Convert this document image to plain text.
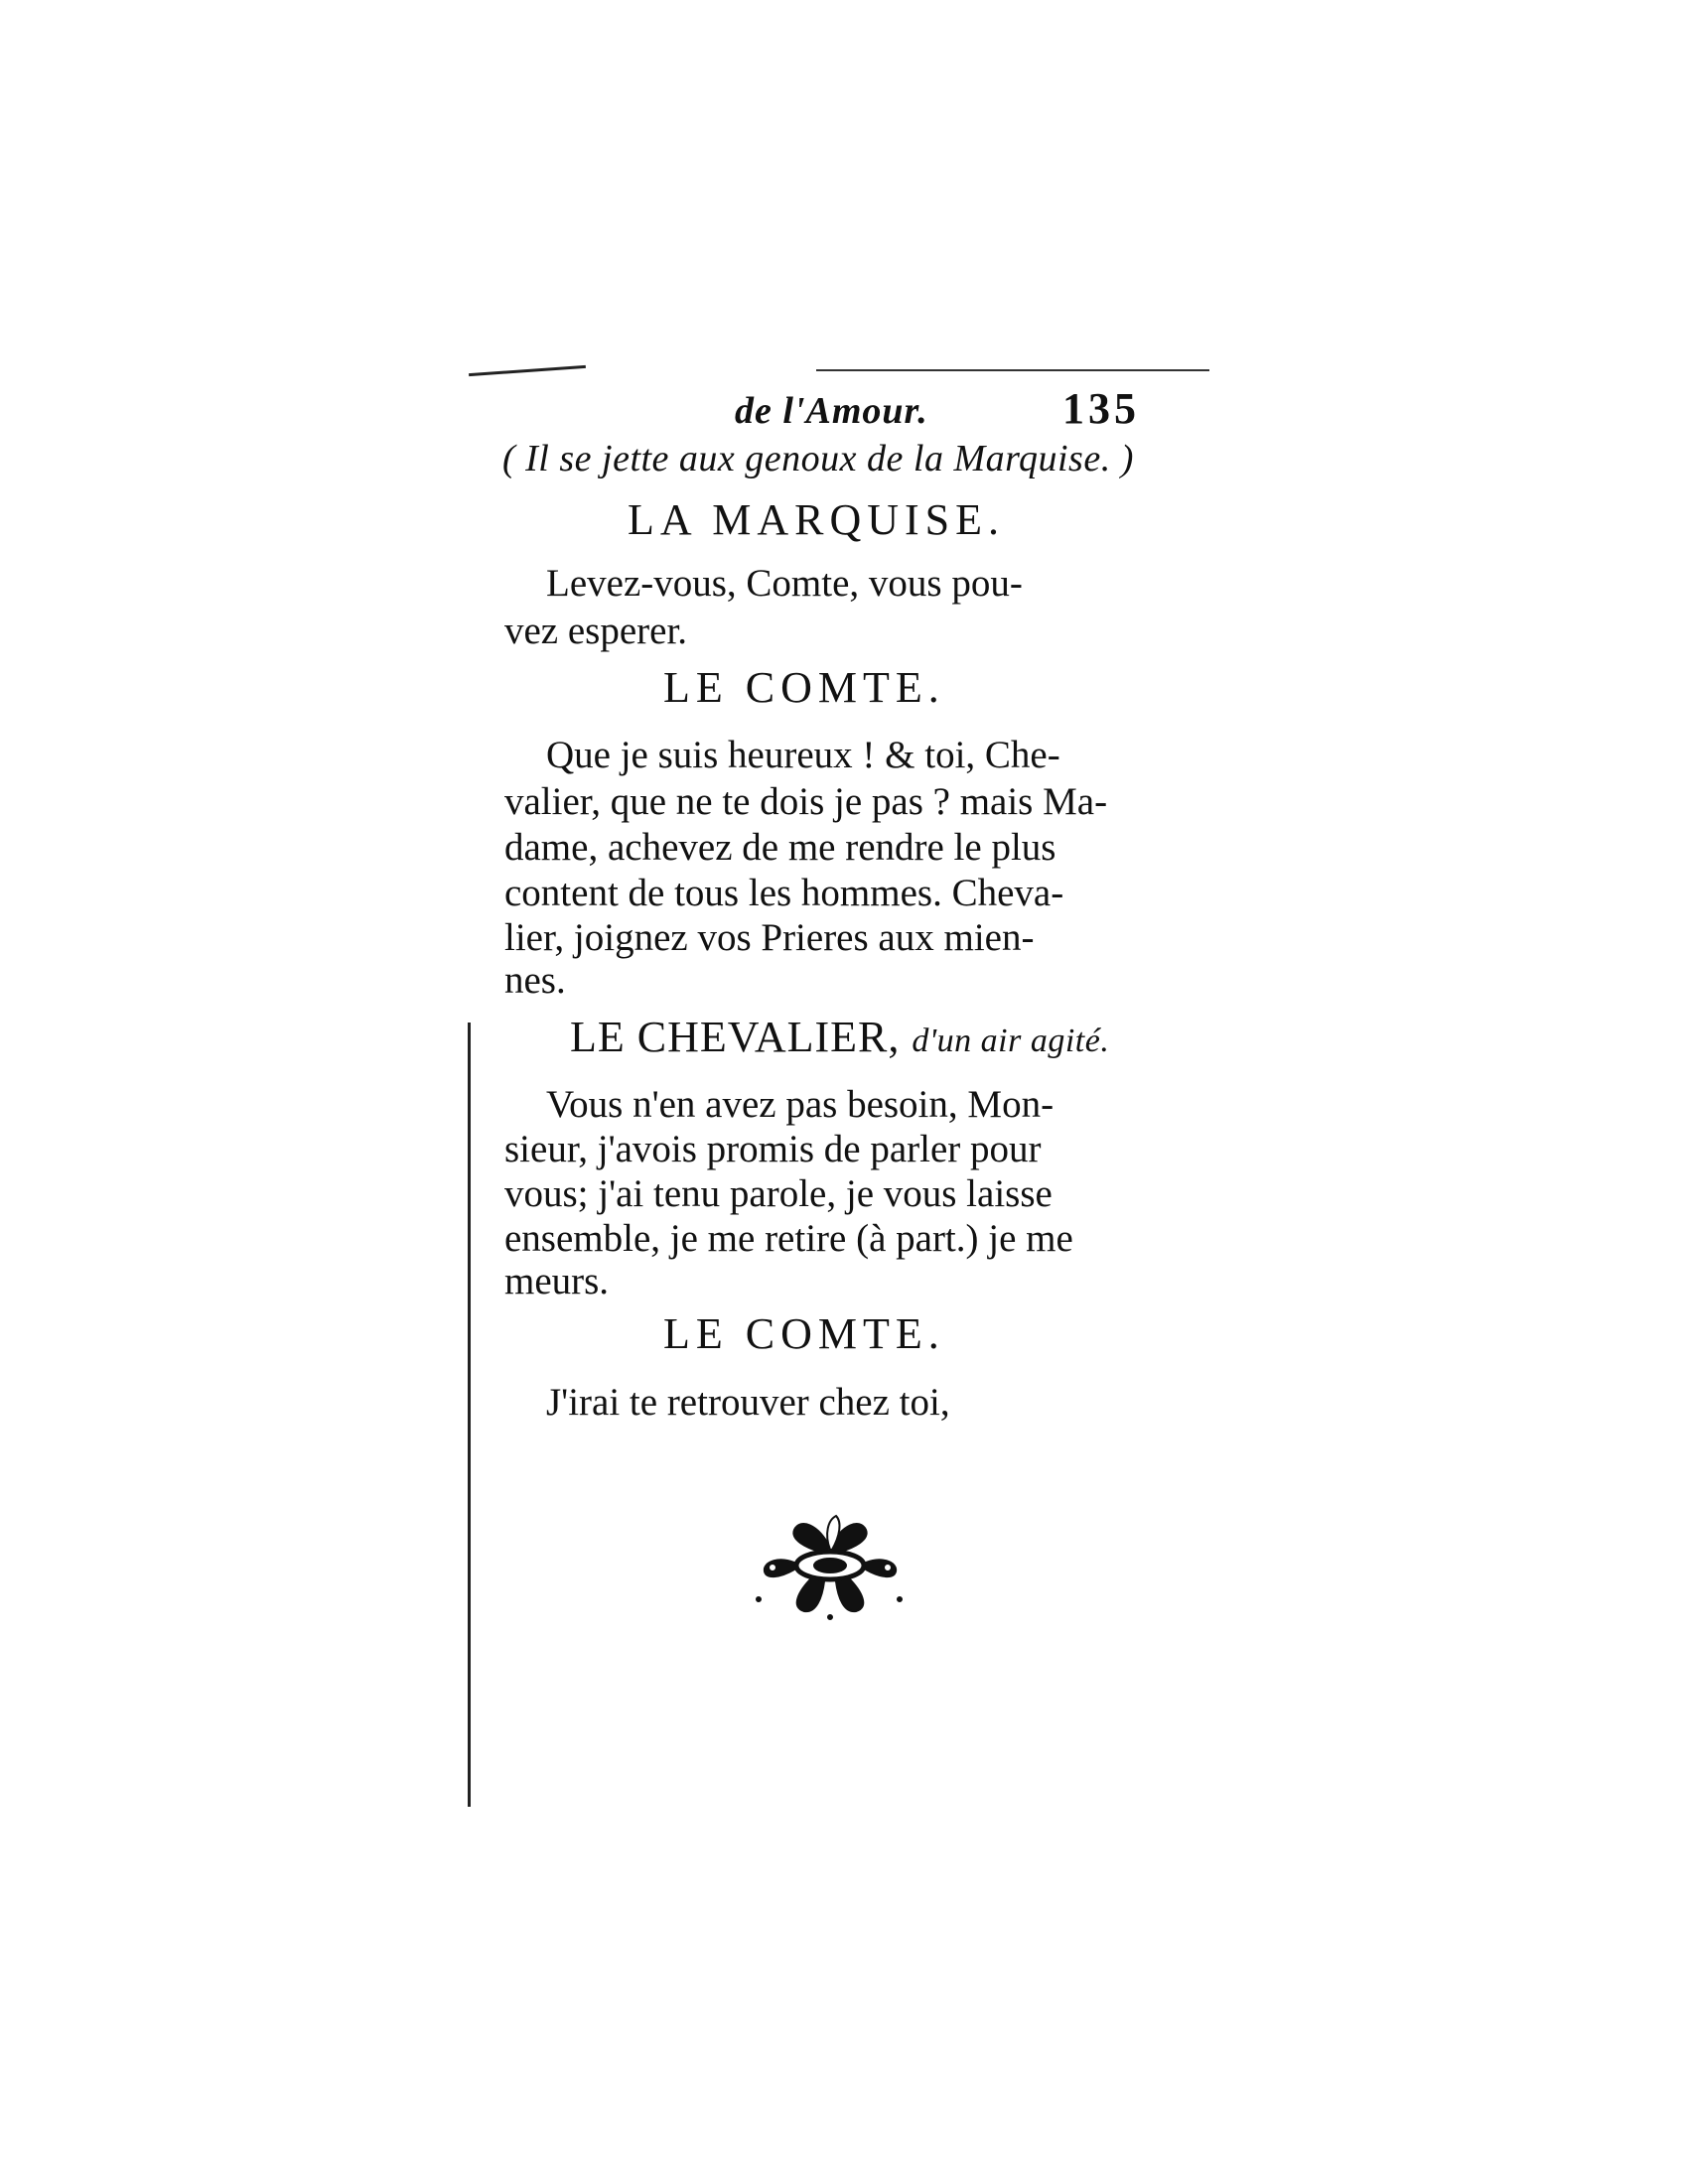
de l'Amour.	135
( Il se jette aux genoux de la Marquise. )
LA MARQUISE.
Levez-vous, Comte, vous pou-
vez esperer.
LE COMTE.
Que je suis heureux ! & toi, Che-
valier, que ne te dois je pas ? mais Ma-
dame, achevez de me rendre le plus
content de tous les hommes. Cheva-
lier, joignez vos Prieres aux mien-
nes.
LE CHEVALIER, d'un air agité.
Vous n'en avez pas besoin, Mon-
sieur, j'avois promis de parler pour
vous; j'ai tenu parole, je vous laisse
ensemble, je me retire (à part.) je me
meurs.
LE COMTE.
J'irai te retrouver chez toi,
